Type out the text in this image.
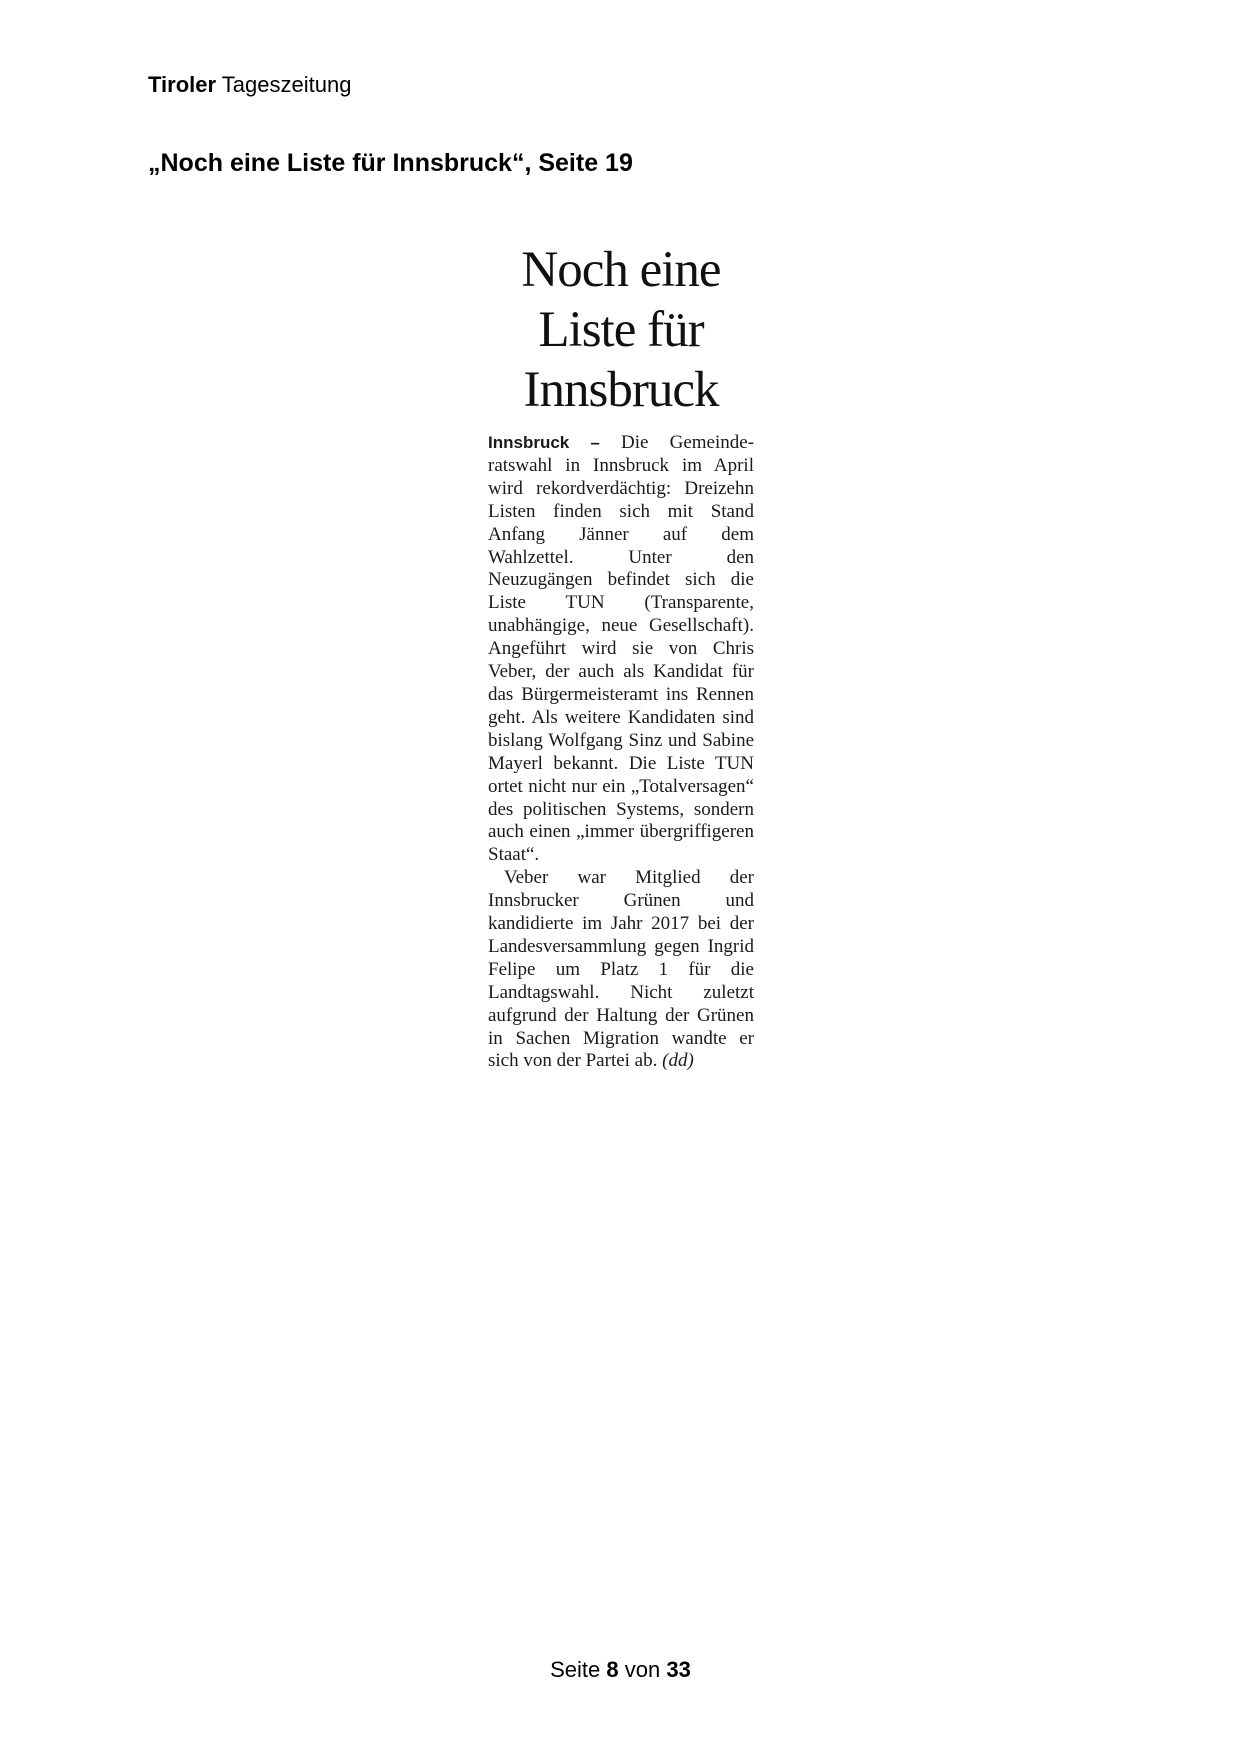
Tiroler Tageszeitung
„Noch eine Liste für Innsbruck“, Seite 19
Noch eine
Liste für
Innsbruck

Innsbruck – Die Gemeinderatswahl in Innsbruck im April wird rekordverdächtig: Dreizehn Listen finden sich mit Stand Anfang Jänner auf dem Wahlzettel. Unter den Neuzugängen befindet sich die Liste TUN (Transparente, unabhängige, neue Gesellschaft). Angeführt wird sie von Chris Veber, der auch als Kandidat für das Bürgermeisteramt ins Rennen geht. Als weitere Kandidaten sind bislang Wolfgang Sinz und Sabine Mayerl bekannt. Die Liste TUN ortet nicht nur ein „Totalversagen“ des politischen Systems, sondern auch einen „immer übergriffigeren Staat“.

Veber war Mitglied der Innsbrucker Grünen und kandidierte im Jahr 2017 bei der Landesversammlung gegen Ingrid Felipe um Platz 1 für die Landtagswahl. Nicht zuletzt aufgrund der Haltung der Grünen in Sachen Migration wandte er sich von der Partei ab. (dd)

Seite 8 von 33
